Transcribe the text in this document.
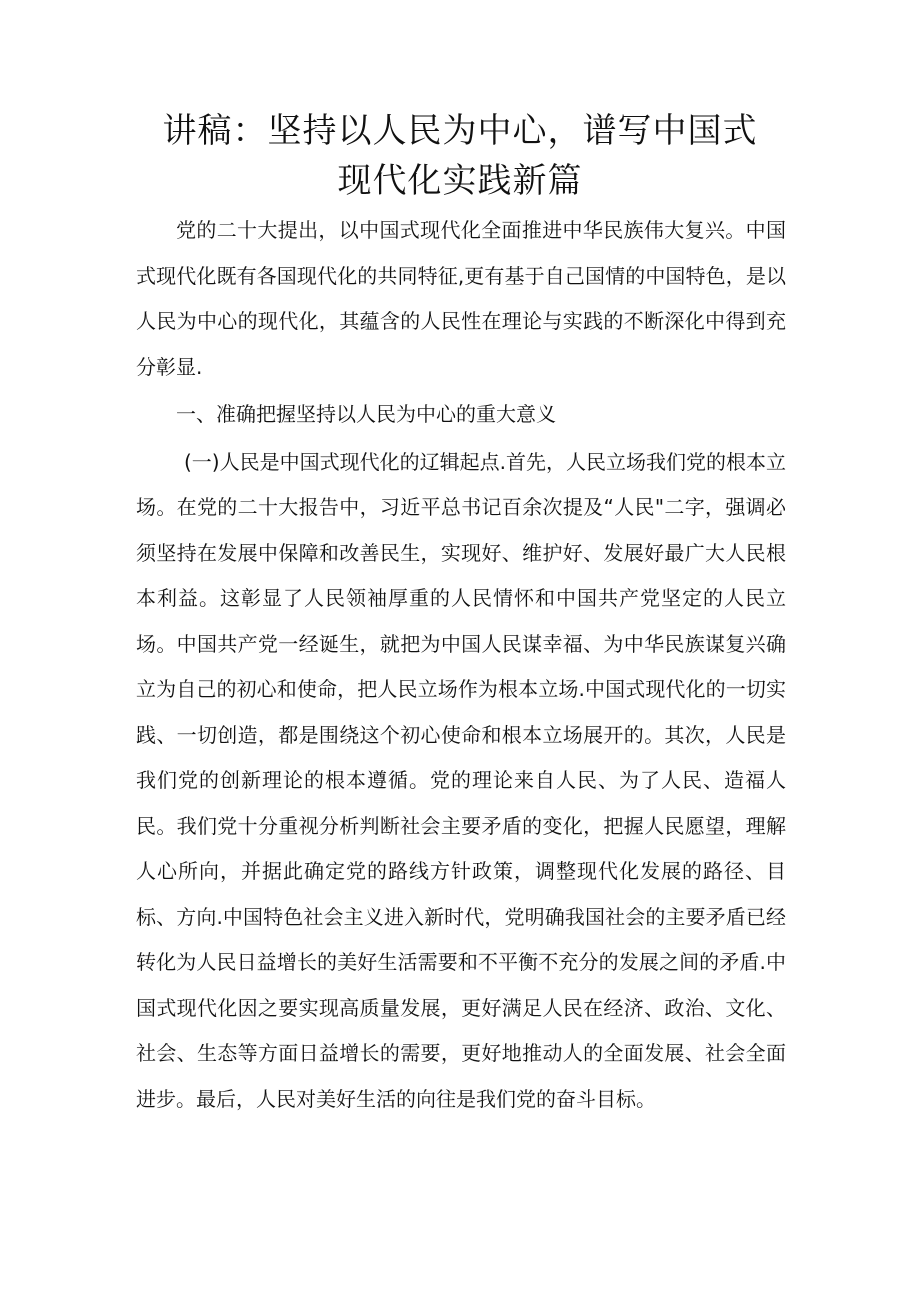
讲稿：坚持以人民为中心，谱写中国式
现代化实践新篇

党的二十大提出，以中国式现代化全面推进中华民族伟大复兴。中国式现代化既有各国现代化的共同特征,更有基于自己国情的中国特色，是以人民为中心的现代化，其蕴含的人民性在理论与实践的不断深化中得到充分彰显.

一、准确把握坚持以人民为中心的重大意义

(一)人民是中国式现代化的辽辑起点.首先，人民立场我们党的根本立场。在党的二十大报告中，习近平总书记百余次提及“人民"二字，强调必须坚持在发展中保障和改善民生，实现好、维护好、发展好最广大人民根本利益。这彰显了人民领袖厚重的人民情怀和中国共产党坚定的人民立场。中国共产党一经诞生，就把为中国人民谋幸福、为中华民族谋复兴确立为自己的初心和使命，把人民立场作为根本立场.中国式现代化的一切实践、一切创造，都是围绕这个初心使命和根本立场展开的。其次，人民是我们党的创新理论的根本遵循。党的理论来自人民、为了人民、造福人民。我们党十分重视分析判断社会主要矛盾的变化，把握人民愿望，理解人心所向，并据此确定党的路线方针政策，调整现代化发展的路径、目标、方向.中国特色社会主义进入新时代，党明确我国社会的主要矛盾已经转化为人民日益增长的美好生活需要和不平衡不充分的发展之间的矛盾.中国式现代化因之要实现高质量发展，更好满足人民在经济、政治、文化、社会、生态等方面日益增长的需要，更好地推动人的全面发展、社会全面进步。最后，人民对美好生活的向往是我们党的奋斗目标。
